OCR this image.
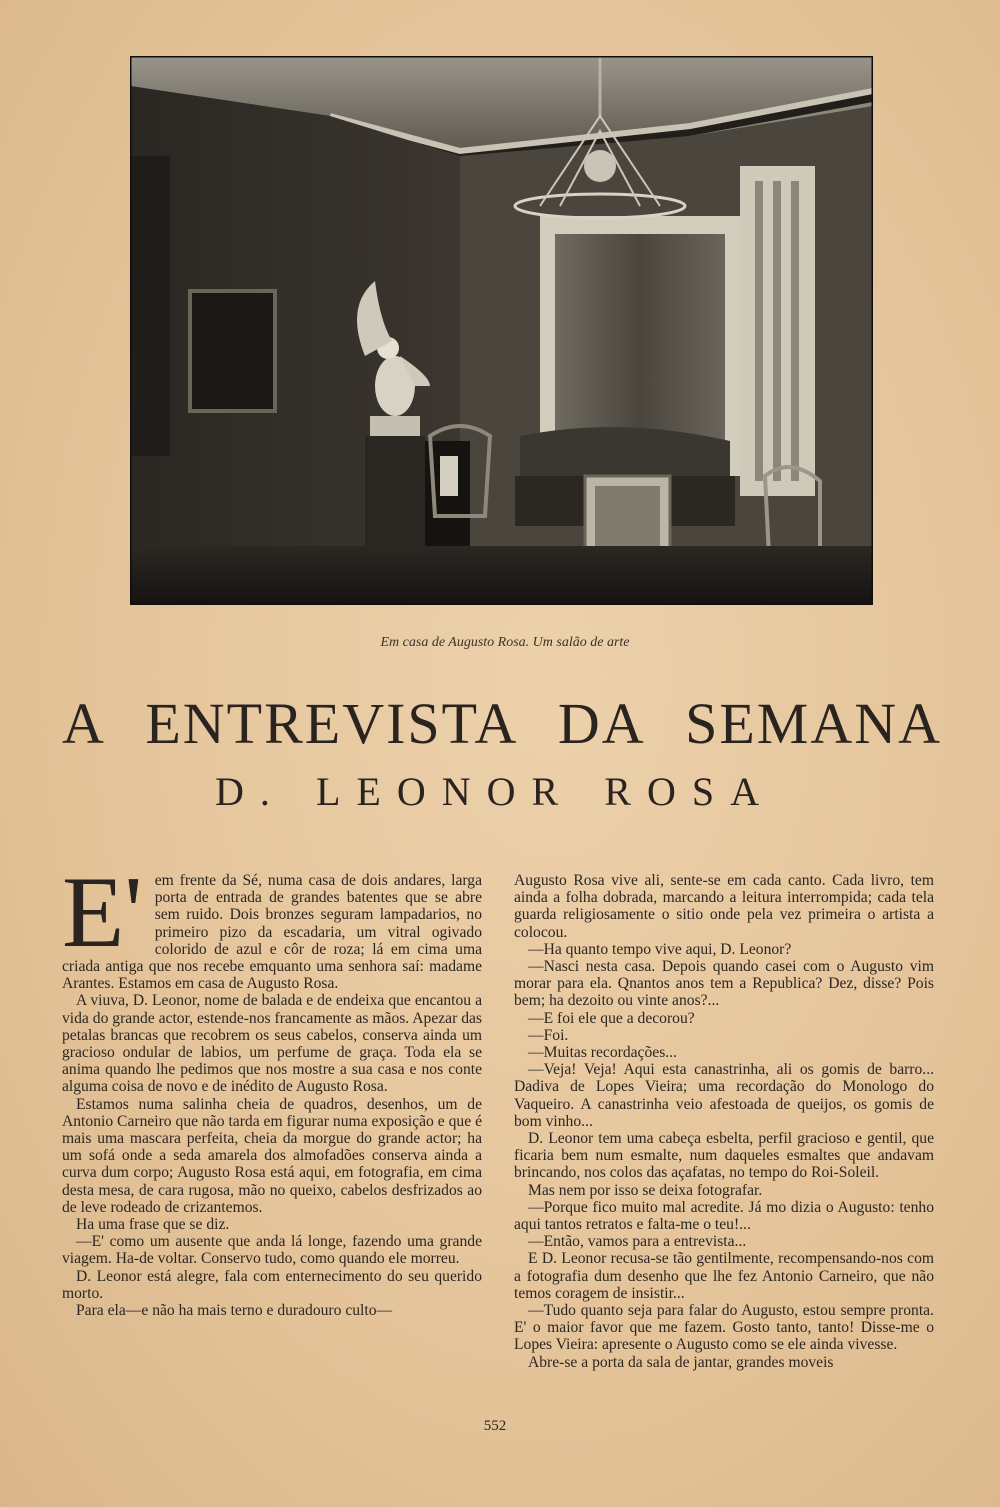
Em casa de Augusto Rosa. Um salão de arte
A ENTREVISTA DA SEMANA
D. LEONOR ROSA
E' em frente da Sé, numa casa de dois andares, larga porta de entrada de grandes batentes que se abre sem ruido. Dois bronzes seguram lampadarios, no primeiro pizo da escadaria, um vitral ogivado colorido de azul e côr de roza; lá em cima uma criada antiga que nos recebe emquanto uma senhora saí: madame Arantes. Estamos em casa de Augusto Rosa.

A viuva, D. Leonor, nome de balada e de endeixa que encantou a vida do grande actor, estende-nos francamente as mãos. Apezar das petalas brancas que recobrem os seus cabelos, conserva ainda um gracioso ondular de labios, um perfume de graça. Toda ela se anima quando lhe pedimos que nos mostre a sua casa e nos conte alguma coisa de novo e de inédito de Augusto Rosa.

Estamos numa salinha cheia de quadros, desenhos, um de Antonio Carneiro que não tarda em figurar numa exposição e que é mais uma mascara perfeita, cheia da morgue do grande actor; ha um sofá onde a seda amarela dos almofadões conserva ainda a curva dum corpo; Augusto Rosa está aqui, em fotografia, em cima desta mesa, de cara rugosa, mão no queixo, cabelos desfrizados ao de leve rodeado de crizantemos.

Ha uma frase que se diz.

—E' como um ausente que anda lá longe, fazendo uma grande viagem. Ha-de voltar. Conservo tudo, como quando ele morreu.

D. Leonor está alegre, fala com enternecimento do seu querido morto.

Para ela—e não ha mais terno e duradouro culto—

Augusto Rosa vive ali, sente-se em cada canto. Cada livro, tem ainda a folha dobrada, marcando a leitura interrompida; cada tela guarda religiosamente o sitio onde pela vez primeira o artista a colocou.

—Ha quanto tempo vive aqui, D. Leonor?

—Nasci nesta casa. Depois quando casei com o Augusto vim morar para ela. Qnantos anos tem a Republica? Dez, disse? Pois bem; ha dezoito ou vinte anos?...

—E foi ele que a decorou?

—Foi.

—Muitas recordações...

—Veja! Veja! Aqui esta canastrinha, ali os gomis de barro... Dadiva de Lopes Vieira; uma recordação do Monologo do Vaqueiro. A canastrinha veio afestoada de queijos, os gomis de bom vinho...

D. Leonor tem uma cabeça esbelta, perfil gracioso e gentil, que ficaria bem num esmalte, num daqueles esmaltes que andavam brincando, nos colos das açafatas, no tempo do Roi-Soleil.

Mas nem por isso se deixa fotografar.

—Porque fico muito mal acredite. Já mo dizia o Augusto: tenho aqui tantos retratos e falta-me o teu!...

—Então, vamos para a entrevista...

E D. Leonor recusa-se tão gentilmente, recompensando-nos com a fotografia dum desenho que lhe fez Antonio Carneiro, que não temos coragem de insistir...

—Tudo quanto seja para falar do Augusto, estou sempre pronta. E' o maior favor que me fazem. Gosto tanto, tanto! Disse-me o Lopes Vieira: apresente o Augusto como se ele ainda vivesse.

Abre-se a porta da sala de jantar, grandes moveis

552
